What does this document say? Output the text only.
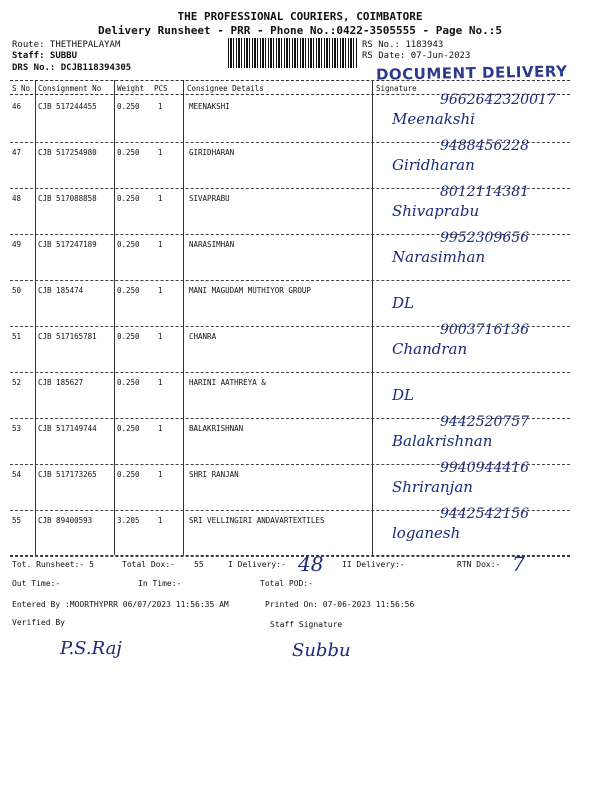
THE PROFESSIONAL COURIERS, COIMBATORE
Delivery Runsheet - PRR - Phone No.:0422-3505555 - Page No.:5
Route: THETHEPALAYAM
Staff: SUBBU
DRS No.: DCJB118394305
RS No.: 1183943
RS Date: 07-Jun-2023
DOCUMENT DELIVERY
S No Consignment No Weight PCS	Consignee Details	Signature
46 CJB 517244455	0.250 1	MEENAKSHI	9662642320017
Meenakshi
47 CJB 517254980	0.250 1	GIRIDHARAN	9488456228
Giridharan
48 CJB 517088858	0.250 1	SIVAPRABU	8012114381
Shivaprabu
49 CJB 517247189	0.250 1	NARASIMHAN	9952309656
Narasimhan
50 CJB 185474	0.250 1	MANI MAGUDAM MUTHIYOR GROUP
DL
51 CJB 517165781	0.250 1	CHANRA	9003716136
Chandran
52 CJB 185627	0.250 1	HARINI AATHREYA &
DL
53 CJB 517149744	0.250 1	BALAKRISHNAN	9442520757
Balakrishnan
54 CJB 517173265	0.250 1	SHRI RANJAN	9940944416
Shriranjan
55 CJB 89400593	3.205 1	SRI VELLINGIRI ANDAVARTEXTILES	9442542156
loganesh
Tot. Runsheet:- 5	Total Dox:- 55	I Delivery:- 48 II Delivery:-	RTN Dox:- 7
Out Time:-	In Time:-	Total POD:-
Entered By :MOORTHYPRR 06/07/2023 11:56:35 AM	Printed On: 07-06-2023 11:56:56
Verified By	Staff Signature
P.S.Raj	Subbu
